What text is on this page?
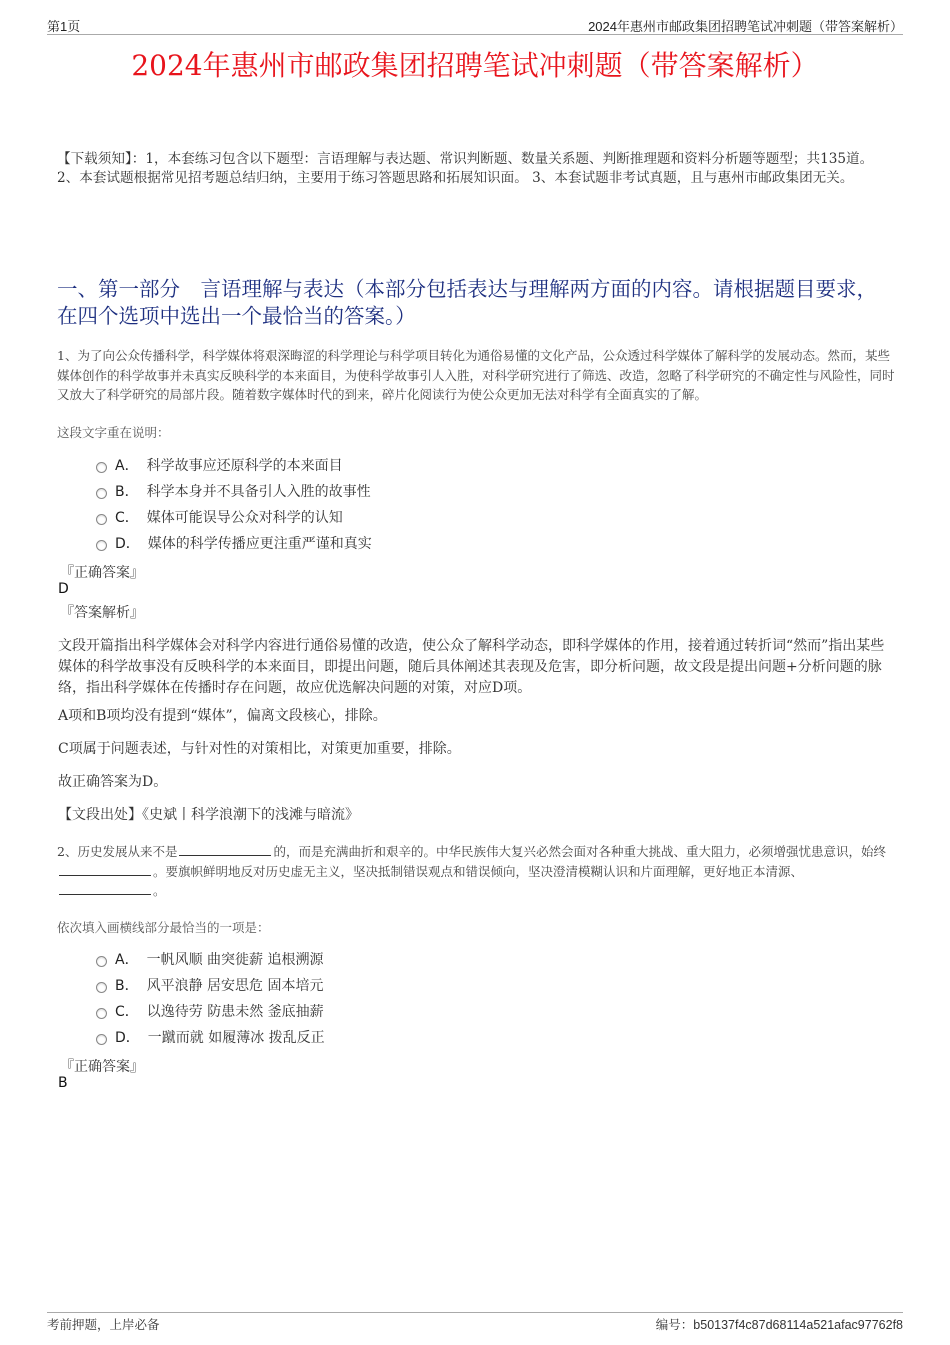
第1页	2024年惠州市邮政集团招聘笔试冲刺题（带答案解析）
2024年惠州市邮政集团招聘笔试冲刺题（带答案解析）
【下载须知】：1，本套练习包含以下题型：言语理解与表达题、常识判断题、数量关系题、判断推理题和资料分析题等题型；共135道。 2、本套试题根据常见招考题总结归纳，主要用于练习答题思路和拓展知识面。 3、本套试题非考试真题，且与惠州市邮政集团无关。
一、第一部分　言语理解与表达（本部分包括表达与理解两方面的内容。请根据题目要求，在四个选项中选出一个最恰当的答案。）
1、为了向公众传播科学，科学媒体将艰深晦涩的科学理论与科学项目转化为通俗易懂的文化产品，公众透过科学媒体了解科学的发展动态。然而，某些媒体创作的科学故事并未真实反映科学的本来面目，为使科学故事引人入胜，对科学研究进行了筛选、改造，忽略了科学研究的不确定性与风险性，同时又放大了科学研究的局部片段。随着数字媒体时代的到来，碎片化阅读行为使公众更加无法对科学有全面真实的了解。
这段文字重在说明：
A． 科学故事应还原科学的本来面目
B． 科学本身并不具备引人入胜的故事性
C． 媒体可能误导公众对科学的认知
D． 媒体的科学传播应更注重严谨和真实
『正确答案』
D
『答案解析』
文段开篇指出科学媒体会对科学内容进行通俗易懂的改造，使公众了解科学动态，即科学媒体的作用，接着通过转折词“然而”指出某些媒体的科学故事没有反映科学的本来面目，即提出问题，随后具体阐述其表现及危害，即分析问题，故文段是提出问题+分析问题的脉络，指出科学媒体在传播时存在问题，故应优选解决问题的对策，对应D项。
A项和B项均没有提到“媒体”，偏离文段核心，排除。
C项属于问题表述，与针对性的对策相比，对策更加重要，排除。
故正确答案为D。
【文段出处】《史斌丨科学浪潮下的浅滩与暗流》
2、历史发展从来不是	的，而是充满曲折和艰辛的。中华民族伟大复兴必然会面对各种重大挑战、重大阻力，必须增强忧患意识，始终。要旗帜鲜明地反对历史虚无主义，坚决抵制错误观点和错误倾向，坚决澄清模糊认识和片面理解，更好地正本清源、。
依次填入画横线部分最恰当的一项是：
A． 一帆风顺 曲突徙薪 追根溯源
B． 风平浪静 居安思危 固本培元
C． 以逸待劳 防患未然 釜底抽薪
D． 一蹴而就 如履薄冰 拨乱反正
『正确答案』
B
考前押题，上岸必备	编号：b50137f4c87d68114a521afac97762f8
